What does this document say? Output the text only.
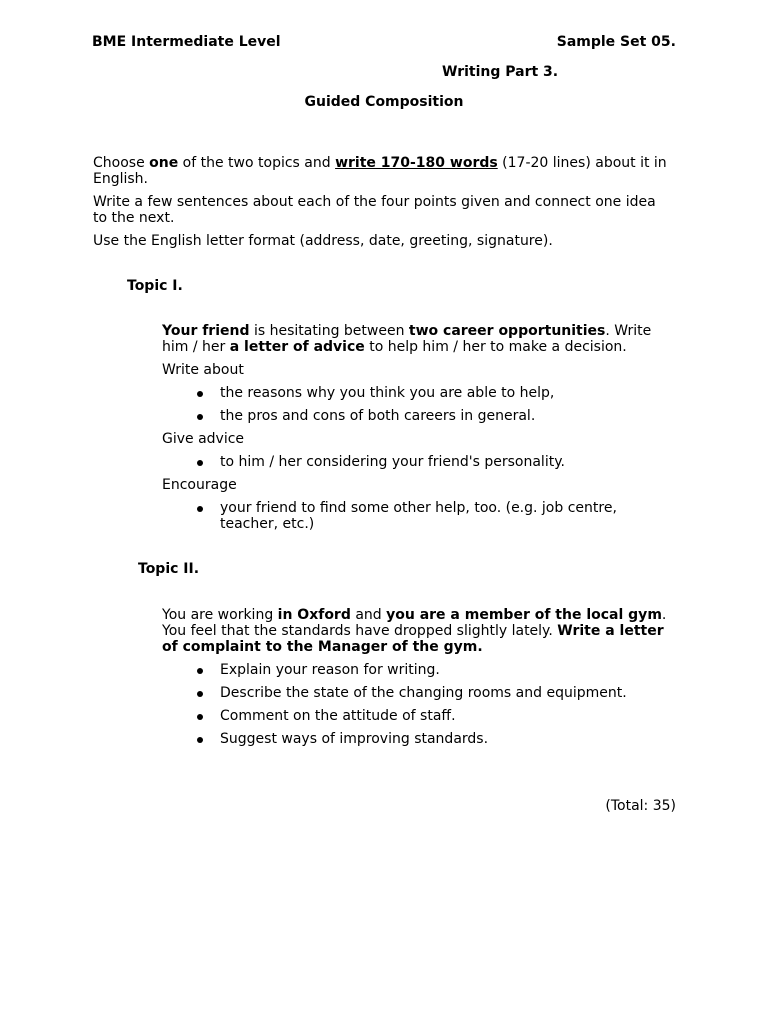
BME Intermediate Level	Sample Set 05.
Writing Part 3.
Guided Composition

Choose one of the two topics and write 170-180 words (17-20 lines) about it in English.

Write a few sentences about each of the four points given and connect one idea to the next.

Use the English letter format (address, date, greeting, signature).

Topic I.

Your friend is hesitating between two career opportunities. Write him / her a letter of advice to help him / her to make a decision.

Write about

the reasons why you think you are able to help,
the pros and cons of both careers in general.

Give advice

to him / her considering your friend's personality.

Encourage

your friend to find some other help, too. (e.g. job centre, teacher, etc.)
Topic II.

You are working in Oxford and you are a member of the local gym. You feel that the standards have dropped slightly lately. Write a letter of complaint to the Manager of the gym.

Explain your reason for writing.
Describe the state of the changing rooms and equipment.
Comment on the attitude of staff.
Suggest ways of improving standards.
(Total: 35)
